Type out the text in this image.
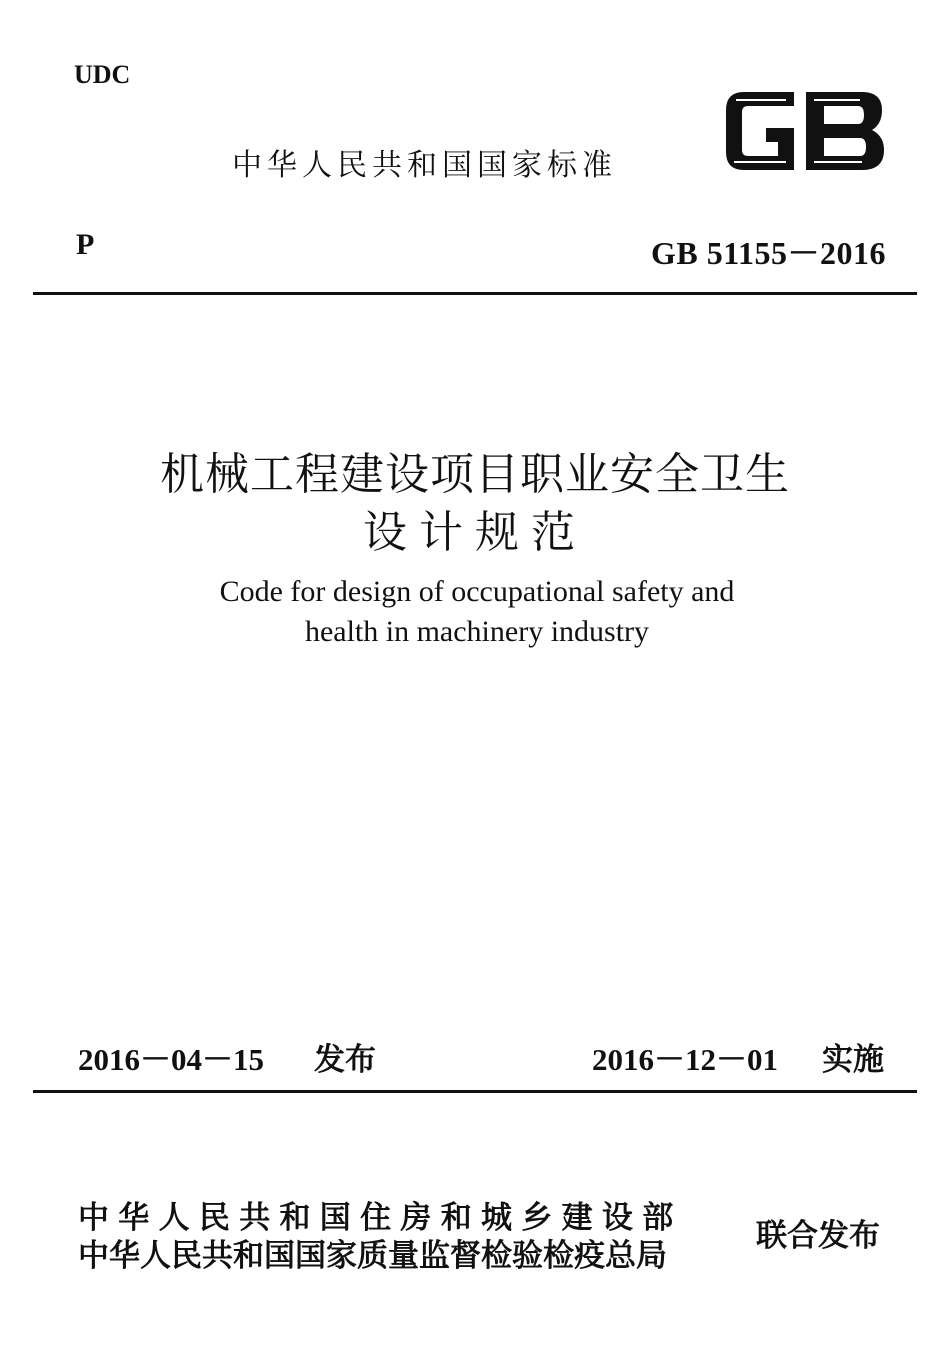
UDC
中华人民共和国国家标准
P	GB 51155－2016
机械工程建设项目职业安全卫生
设计规范
Code for design of occupational safety and
health in machinery industry
2016－04－15 发布	2016－12－01 实施
中华人民共和国住房和城乡建设部
中华人民共和国国家质量监督检验检疫总局
联合发布
